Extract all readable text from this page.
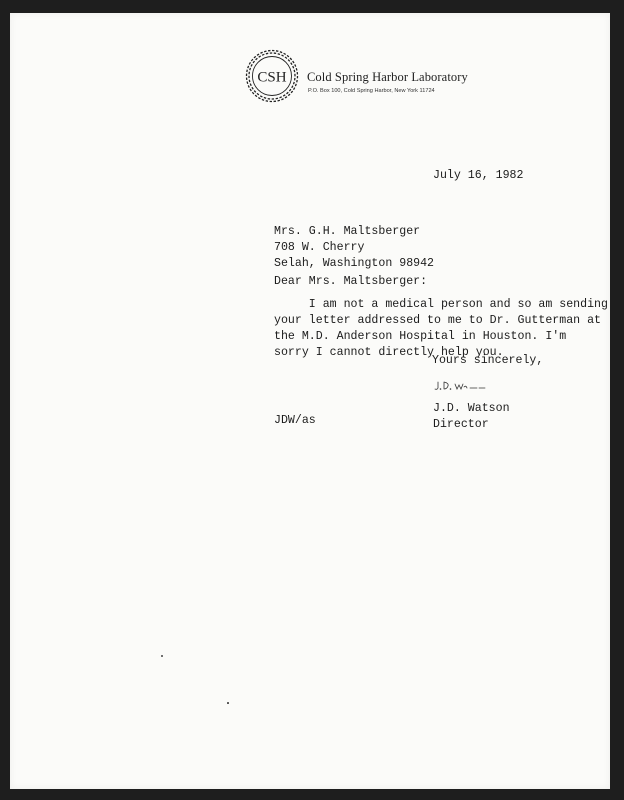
CSH Cold Spring Harbor Laboratory
P.O. Box 100, Cold Spring Harbor, New York 11724
July 16, 1982
Mrs. G.H. Maltsberger
708 W. Cherry
Selah, Washington 98942
Dear Mrs. Maltsberger:
I am not a medical person and so am sending
your letter addressed to me to Dr. Gutterman at
the M.D. Anderson Hospital in Houston. I'm
sorry I cannot directly help you.
Yours sincerely,
J.D. Watson
Director
JDW/as
